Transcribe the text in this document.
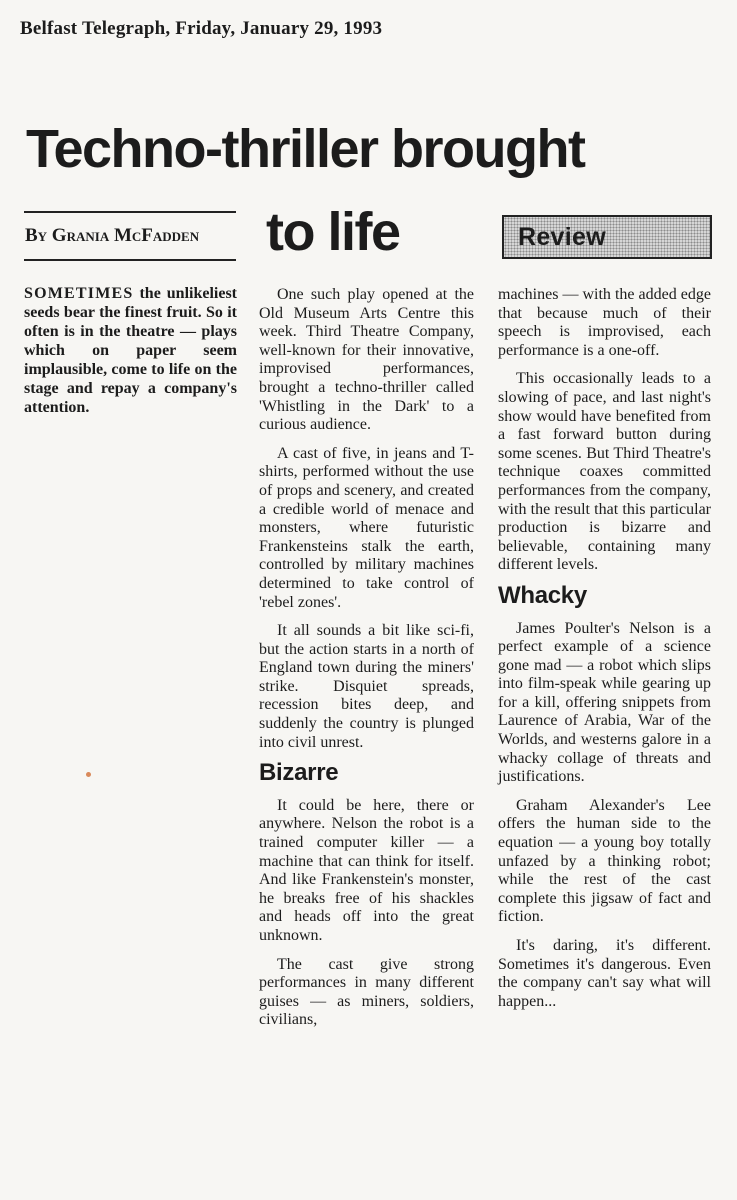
Belfast Telegraph, Friday, January 29, 1993
Techno-thriller brought
to life
By Grania McFadden	Review

SOMETIMES the unlikeliest seeds bear the finest fruit. So it often is in the theatre — plays which on paper seem implausible, come to life on the stage and repay a company's attention.

One such play opened at the Old Museum Arts Centre this week. Third Theatre Company, well-known for their innovative, improvised performances, brought a techno-thriller called 'Whistling in the Dark' to a curious audience.

A cast of five, in jeans and T-shirts, performed without the use of props and scenery, and created a credible world of menace and monsters, where futuristic Frankensteins stalk the earth, controlled by military machines determined to take control of 'rebel zones'.

It all sounds a bit like sci-fi, but the action starts in a north of England town during the miners' strike. Disquiet spreads, recession bites deep, and suddenly the country is plunged into civil unrest.

Bizarre

It could be here, there or anywhere. Nelson the robot is a trained computer killer — a machine that can think for itself. And like Frankenstein's monster, he breaks free of his shackles and heads off into the great unknown.

The cast give strong performances in many different guises — as miners, soldiers, civilians,

machines — with the added edge that because much of their speech is improvised, each performance is a one-off.

This occasionally leads to a slowing of pace, and last night's show would have benefited from a fast forward button during some scenes. But Third Theatre's technique coaxes committed performances from the company, with the result that this particular production is bizarre and believable, containing many different levels.

Whacky

James Poulter's Nelson is a perfect example of a science gone mad — a robot which slips into film-speak while gearing up for a kill, offering snippets from Laurence of Arabia, War of the Worlds, and westerns galore in a whacky collage of threats and justifications.

Graham Alexander's Lee offers the human side to the equation — a young boy totally unfazed by a thinking robot; while the rest of the cast complete this jigsaw of fact and fiction.

It's daring, it's different. Sometimes it's dangerous. Even the company can't say what will happen...
